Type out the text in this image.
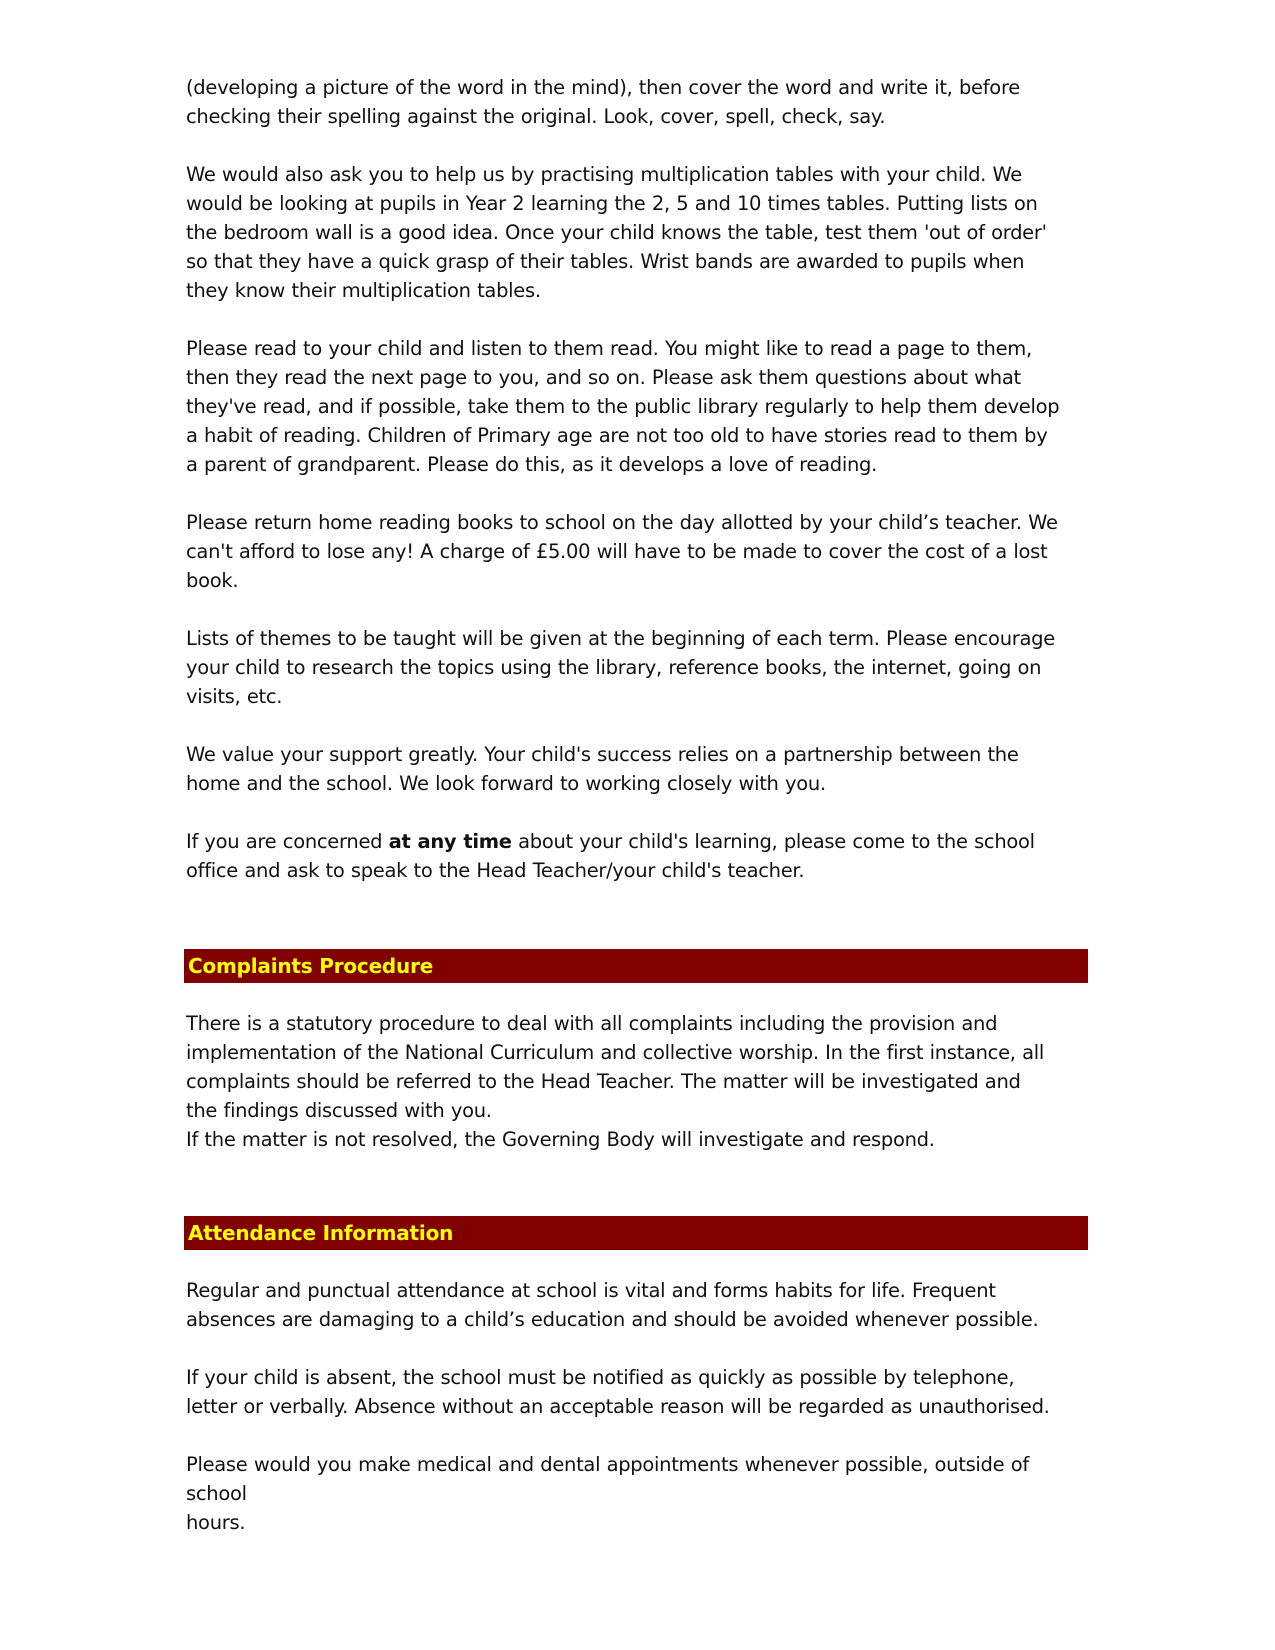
(developing a picture of the word in the mind), then cover the word and write it, before

checking their spelling against the original. Look, cover, spell, check, say.

We would also ask you to help us by practising multiplication tables with your child. We

would be looking at pupils in Year 2 learning the 2, 5 and 10 times tables. Putting lists on

the bedroom wall is a good idea. Once your child knows the table, test them 'out of order'

so that they have a quick grasp of their tables. Wrist bands are awarded to pupils when

they know their multiplication tables.

Please read to your child and listen to them read. You might like to read a page to them,

then they read the next page to you, and so on. Please ask them questions about what

they've read, and if possible, take them to the public library regularly to help them develop

a habit of reading. Children of Primary age are not too old to have stories read to them by

a parent of grandparent. Please do this, as it develops a love of reading.

Please return home reading books to school on the day allotted by your child’s teacher. We

can't afford to lose any! A charge of £5.00 will have to be made to cover the cost of a lost

book.

Lists of themes to be taught will be given at the beginning of each term. Please encourage

your child to research the topics using the library, reference books, the internet, going on

visits, etc.

We value your support greatly. Your child's success relies on a partnership between the

home and the school. We look forward to working closely with you.

If you are concerned at any time about your child's learning, please come to the school

office and ask to speak to the Head Teacher/your child's teacher.

Complaints Procedure

There is a statutory procedure to deal with all complaints including the provision and

implementation of the National Curriculum and collective worship. In the first instance, all

complaints should be referred to the Head Teacher. The matter will be investigated and

the findings discussed with you.

If the matter is not resolved, the Governing Body will investigate and respond.

Attendance Information

Regular and punctual attendance at school is vital and forms habits for life. Frequent

absences are damaging to a child’s education and should be avoided whenever possible.

If your child is absent, the school must be notified as quickly as possible by telephone,

letter or verbally. Absence without an acceptable reason will be regarded as unauthorised.

Please would you make medical and dental appointments whenever possible, outside of school

hours.
